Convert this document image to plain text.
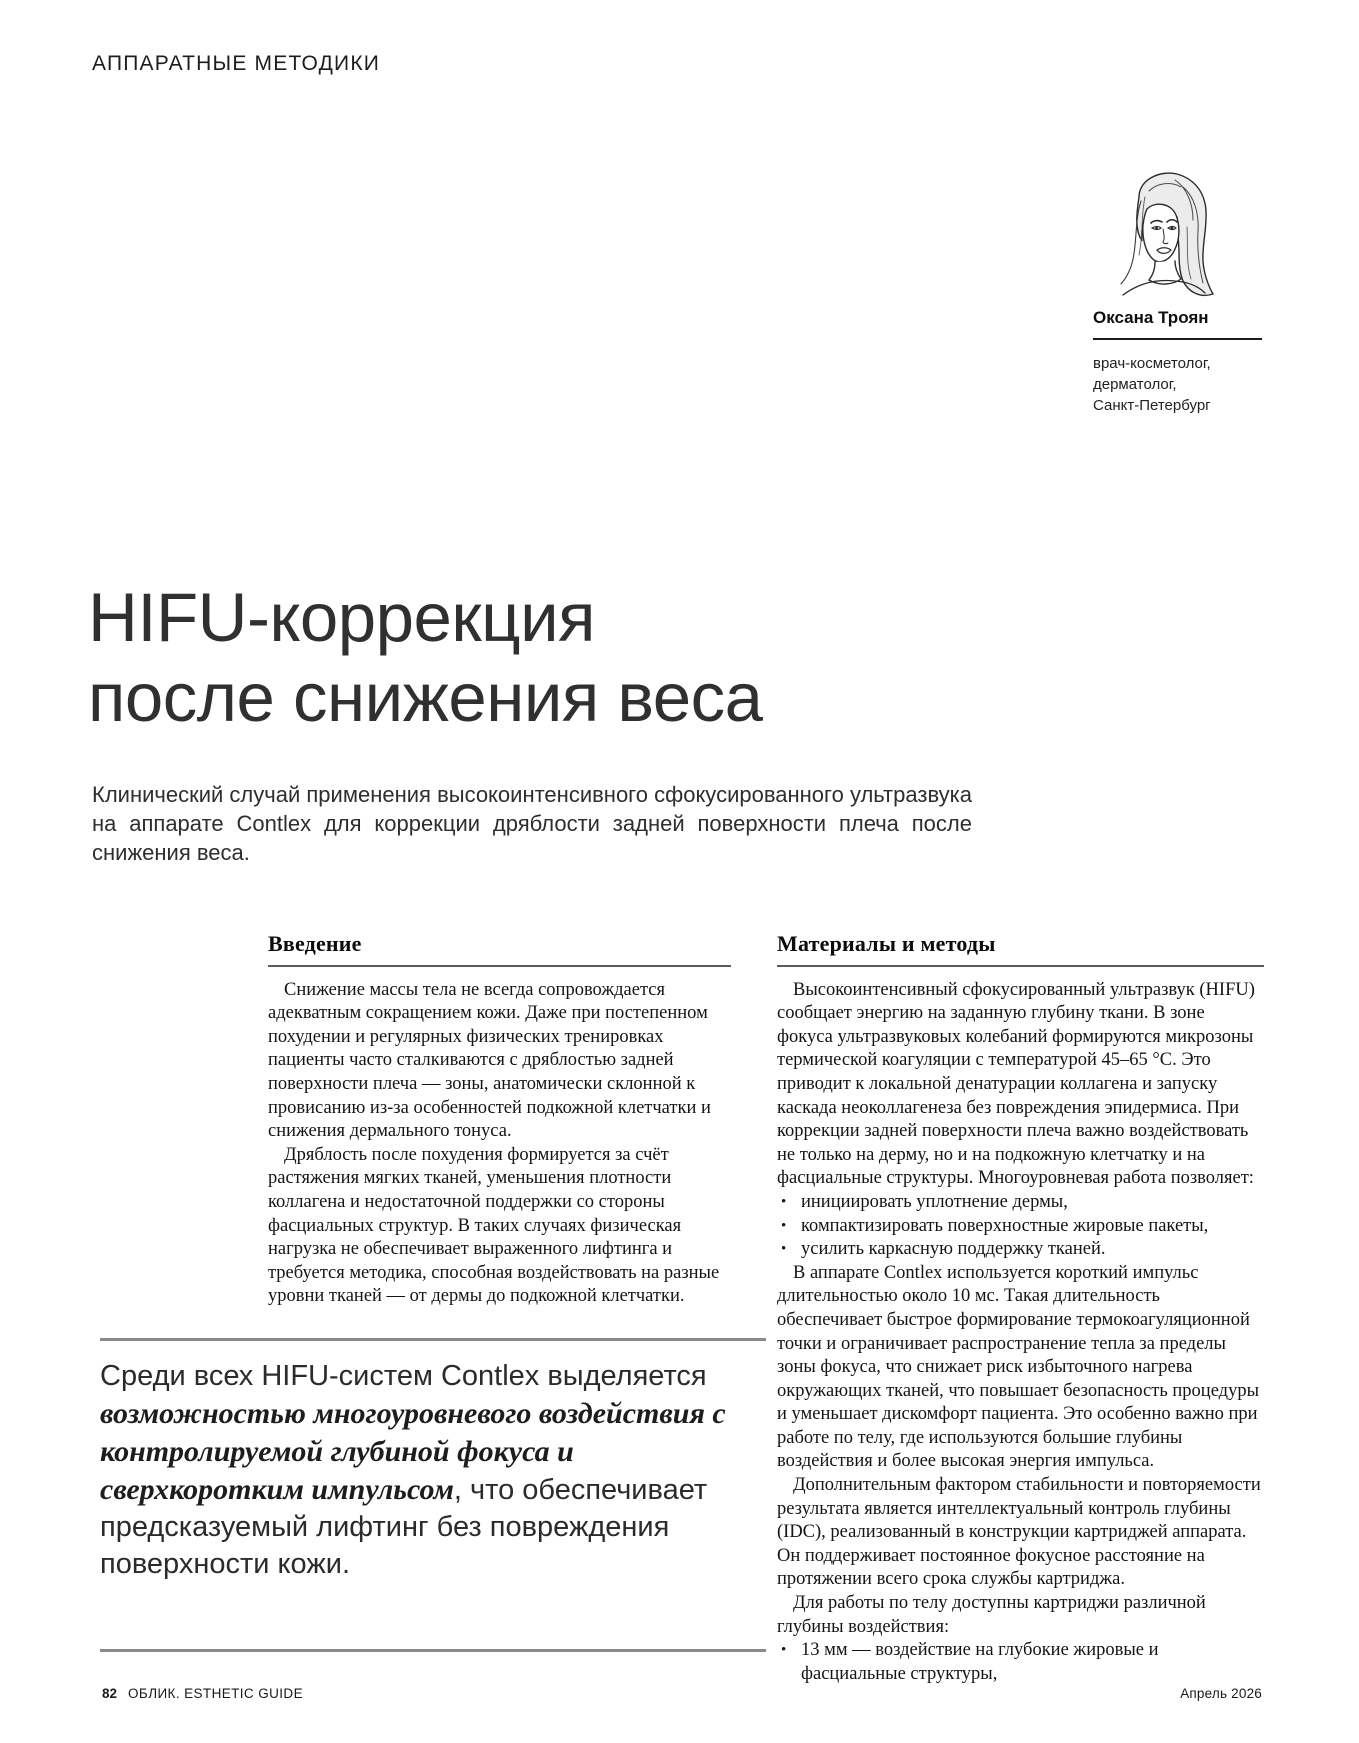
АППАРАТНЫЕ МЕТОДИКИ
Оксана Троян
врач-косметолог,
дерматолог,
Санкт-Петербург
HIFU-коррекция
после снижения веса

Клинический случай применения высокоинтенсивного сфокусированного ультразвука на аппарате Contlex для коррекции дряблости задней поверхности плеча после снижения веса.

Введение

Снижение массы тела не всегда сопровождается адекватным сокращением кожи. Даже при постепенном похудении и регулярных физических тренировках пациенты часто сталкиваются с дряблостью задней поверхности плеча — зоны, анатомически склонной к провисанию из-за особенностей подкожной клетчатки и снижения дермального тонуса.

Дряблость после похудения формируется за счёт растяжения мягких тканей, уменьшения плотности коллагена и недостаточной поддержки со стороны фасциальных структур. В таких случаях физическая нагрузка не обеспечивает выраженного лифтинга и требуется методика, способная воздействовать на разные уровни тканей — от дермы до подкожной клетчатки.

Материалы и методы

Высокоинтенсивный сфокусированный ультразвук (HIFU) сообщает энергию на заданную глубину ткани. В зоне фокуса ультразвуковых колебаний формируются микрозоны термической коагуляции с температурой 45–65 °C. Это приводит к локальной денатурации коллагена и запуску каскада неоколлагенеза без повреждения эпидермиса. При коррекции задней поверхности плеча важно воздействовать не только на дерму, но и на подкожную клетчатку и на фасциальные структуры. Многоуровневая работа позволяет:

• инициировать уплотнение дермы,
• компактизировать поверхностные жировые пакеты,
• усилить каркасную поддержку тканей.

В аппарате Contlex используется короткий импульс длительностью около 10 мс. Такая длительность обеспечивает быстрое формирование термокоагуляционной точки и ограничивает распространение тепла за пределы зоны фокуса, что снижает риск избыточного нагрева окружающих тканей, что повышает безопасность процедуры и уменьшает дискомфорт пациента. Это особенно важно при работе по телу, где используются большие глубины воздействия и более высокая энергия импульса.

Дополнительным фактором стабильности и повторяемости результата является интеллектуальный контроль глубины (IDC), реализованный в конструкции картриджей аппарата. Он поддерживает постоянное фокусное расстояние на протяжении всего срока службы картриджа.

Для работы по телу доступны картриджи различной глубины воздействия:

• 13 мм — воздействие на глубокие жировые и фасциальные структуры,
Среди всех HIFU-систем Contlex выделяется возможностью многоуровневого воздействия с контролируемой глубиной фокуса и сверхкоротким импульсом, что обеспечивает предсказуемый лифтинг без повреждения поверхности кожи.
82 ОБЛИК. ESTHETIC GUIDE	Апрель 2026
